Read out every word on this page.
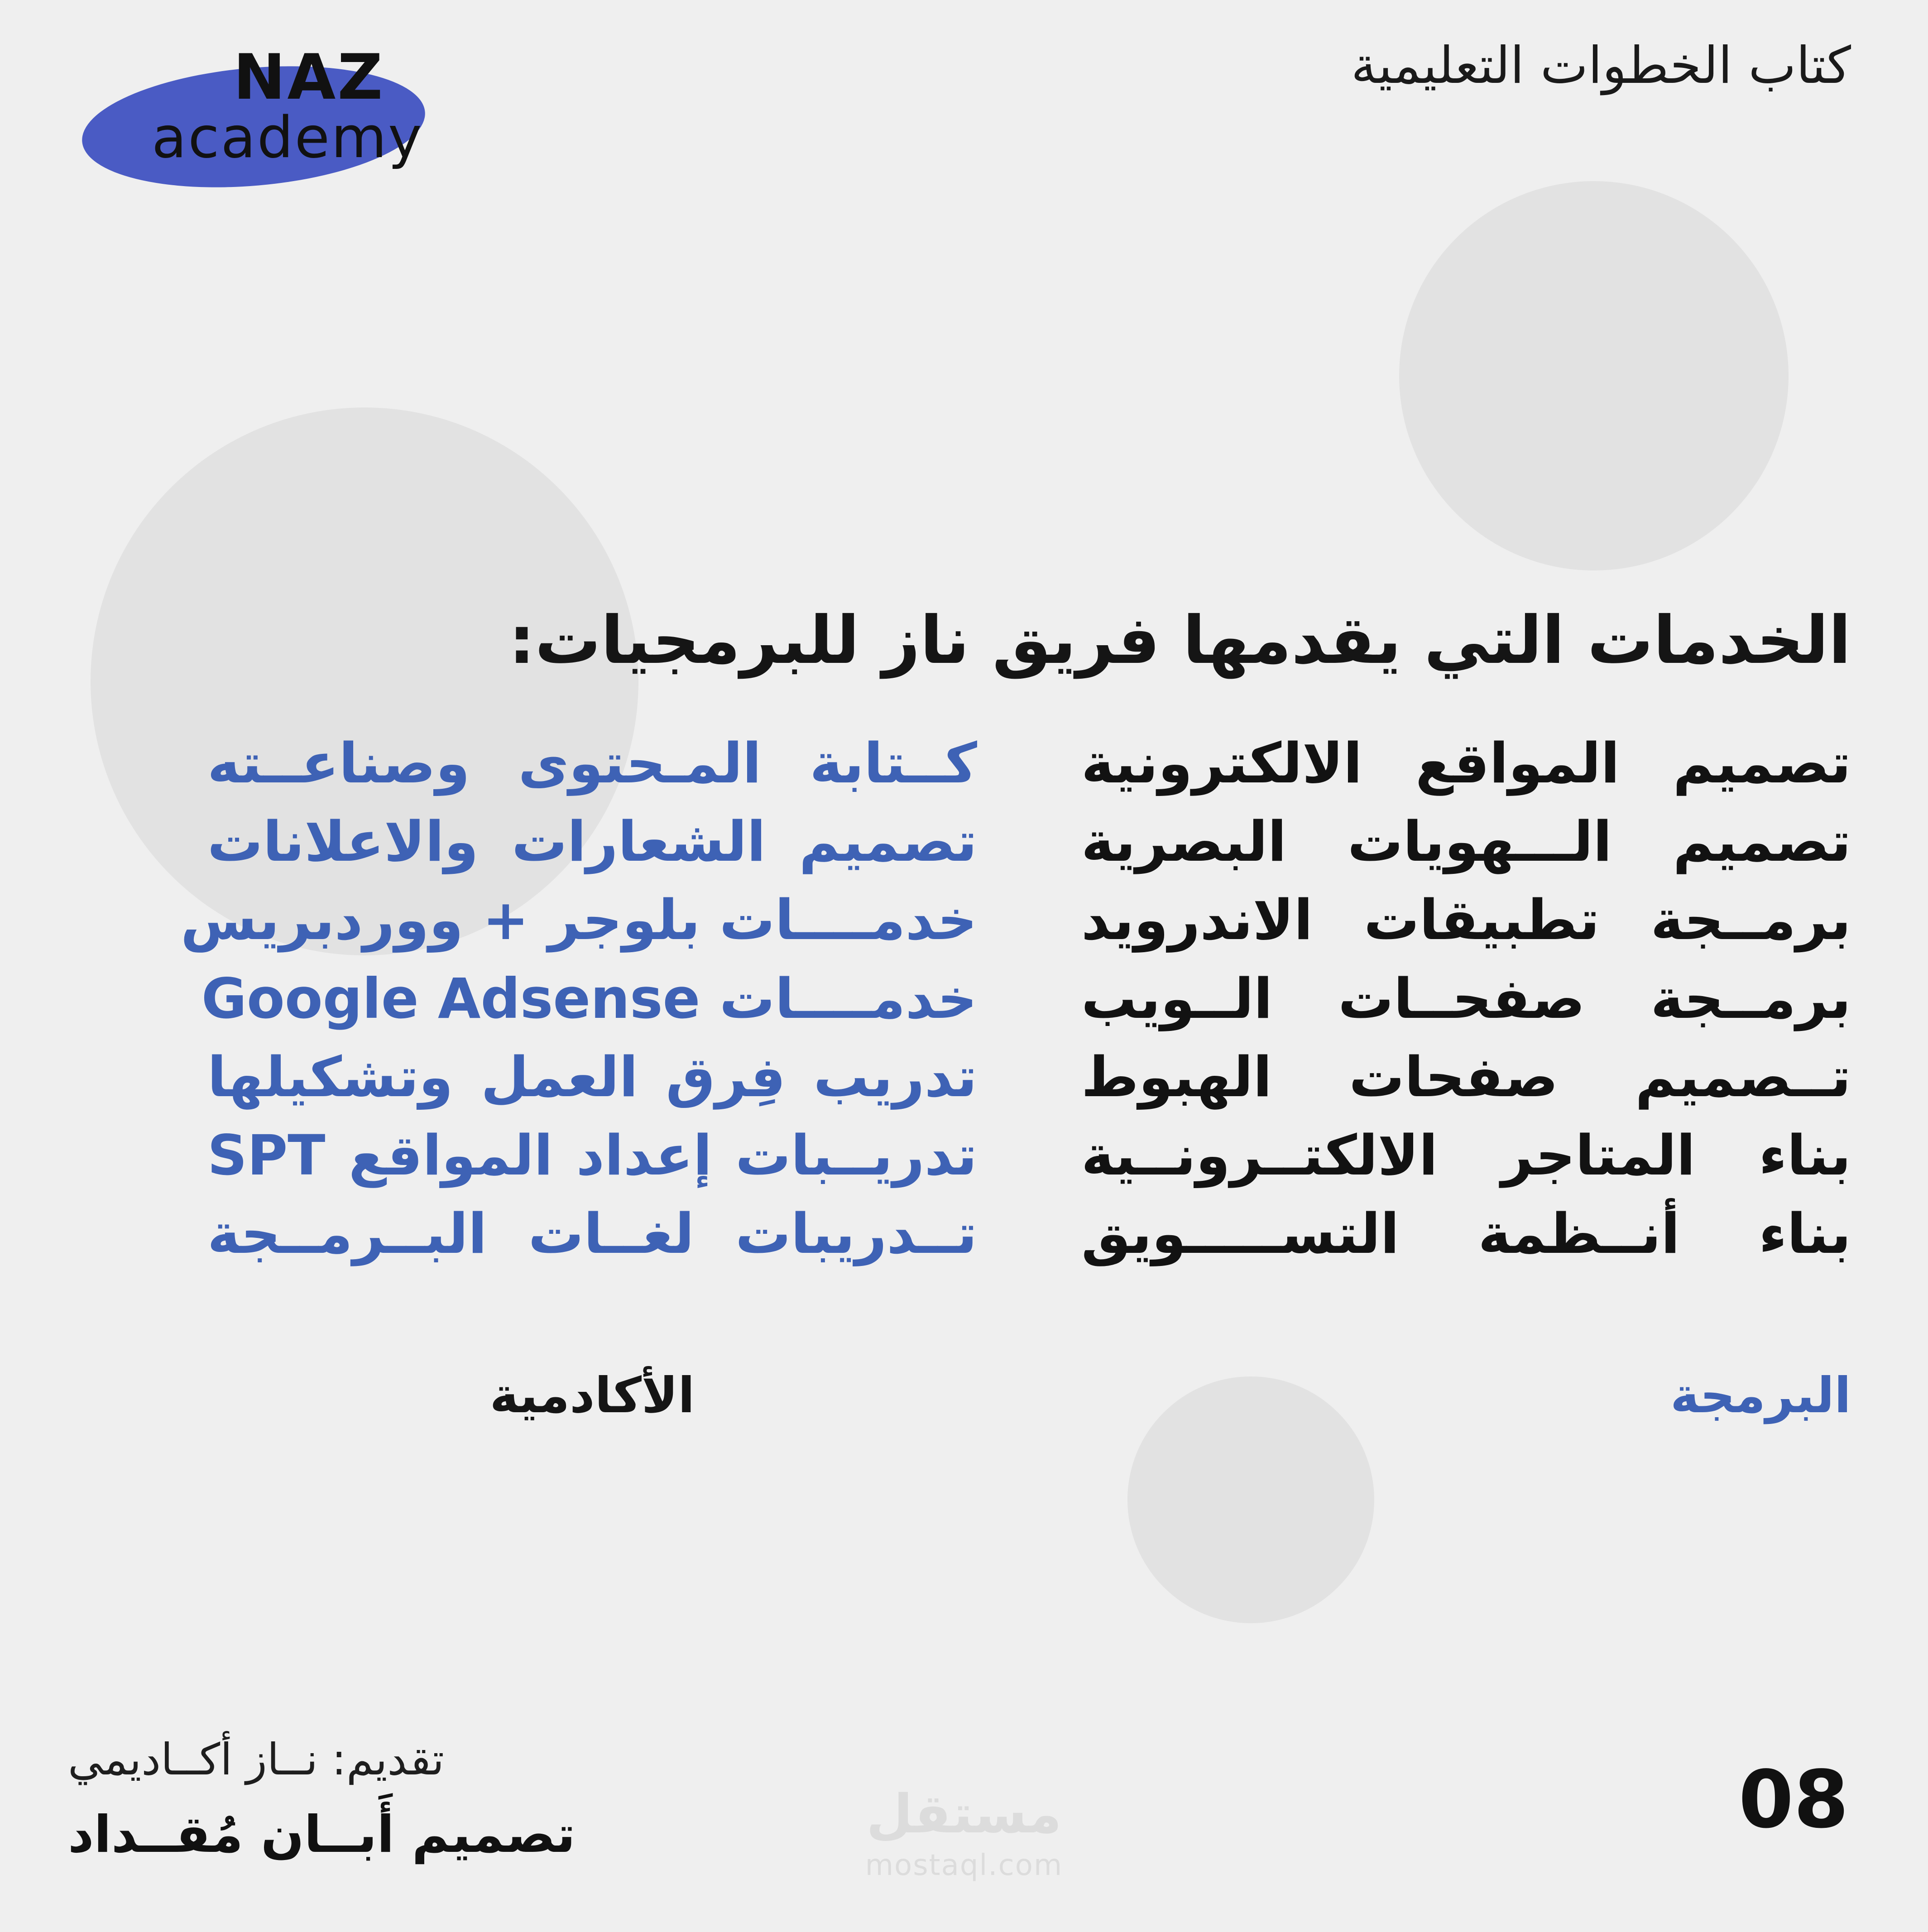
NAZ
academy
كتاب الخطوات التعليمية
الخدمات التي يقدمها فريق ناز للبرمجيات:
تصميم المواقع الالكترونية
تصميم الـــهويات البصرية
برمــجة تطبيقات الاندرويد
برمــجة صفحــات الــويب
تــصميم صفحات الهبوط
بناء المتاجر الالكتــرونــية
بناء أنــظمة التســـــويق
كــتابة المـحتوى وصناعــته
تصميم الشعارات والاعلانات
خدمــــات بلوجر + ووردبريس
خدمــــات Google Adsense
تدريب فِرق العمل وتشكيلها
تدريــبات إعداد المواقع SPT
تــدريبات لغــات البــرمــجة
البرمجة
الأكادمية
تقديم: نــاز أكــاديمي
تصميم أَبــان مُقــداد	08
مستقل
mostaql.com
